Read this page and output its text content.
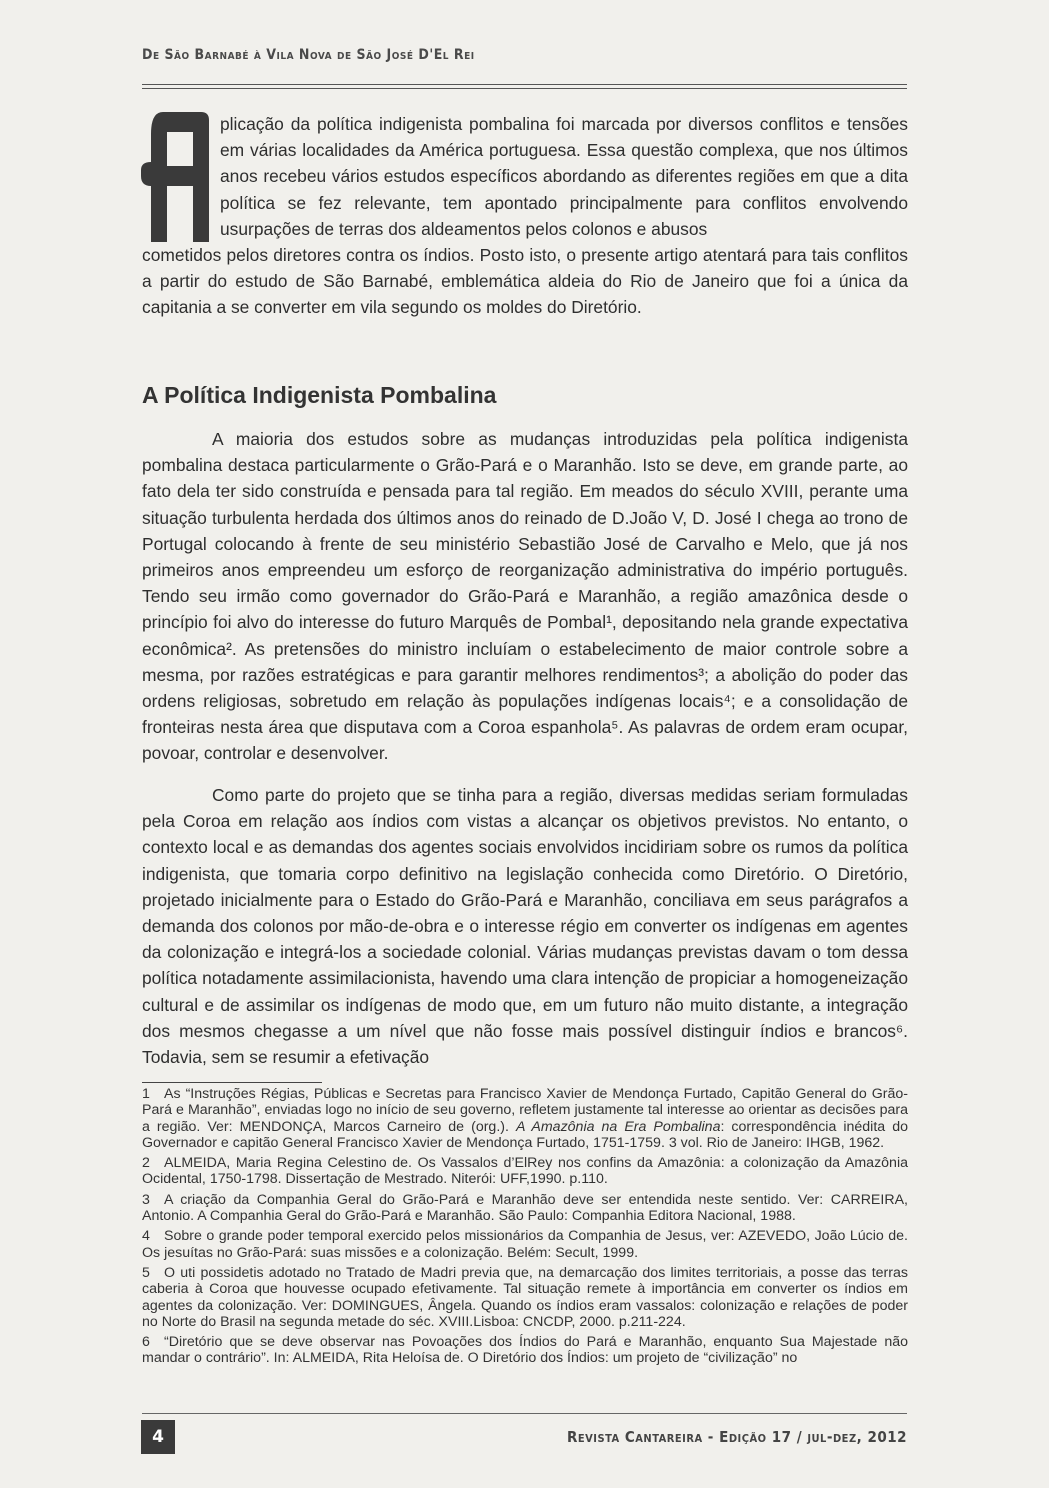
De São Barnabé à Vila Nova de São José D'El Rei
plicação da política indigenista pombalina foi marcada por diversos conflitos e tensões em várias localidades da América portuguesa. Essa questão complexa, que nos últimos anos recebeu vários estudos específicos abordando as diferentes regiões em que a dita política se fez relevante, tem apontado principalmente para conflitos envolvendo usurpações de terras dos aldeamentos pelos colonos e abusos
cometidos pelos diretores contra os índios. Posto isto, o presente artigo atentará para tais conflitos a partir do estudo de São Barnabé, emblemática aldeia do Rio de Janeiro que foi a única da capitania a se converter em vila segundo os moldes do Diretório.
A Política Indigenista Pombalina
A maioria dos estudos sobre as mudanças introduzidas pela política indigenista pombalina destaca particularmente o Grão-Pará e o Maranhão. Isto se deve, em grande parte, ao fato dela ter sido construída e pensada para tal região. Em meados do século XVIII, perante uma situação turbulenta herdada dos últimos anos do reinado de D.João V, D. José I chega ao trono de Portugal colocando à frente de seu ministério Sebastião José de Carvalho e Melo, que já nos primeiros anos empreendeu um esforço de reorganização administrativa do império português. Tendo seu irmão como governador do Grão-Pará e Maranhão, a região amazônica desde o princípio foi alvo do interesse do futuro Marquês de Pombal¹, depositando nela grande expectativa econômica². As pretensões do ministro incluíam o estabelecimento de maior controle sobre a mesma, por razões estratégicas e para garantir melhores rendimentos³; a abolição do poder das ordens religiosas, sobretudo em relação às populações indígenas locais⁴; e a consolidação de fronteiras nesta área que disputava com a Coroa espanhola⁵. As palavras de ordem eram ocupar, povoar, controlar e desenvolver.
Como parte do projeto que se tinha para a região, diversas medidas seriam formuladas pela Coroa em relação aos índios com vistas a alcançar os objetivos previstos. No entanto, o contexto local e as demandas dos agentes sociais envolvidos incidiriam sobre os rumos da política indigenista, que tomaria corpo definitivo na legislação conhecida como Diretório. O Diretório, projetado inicialmente para o Estado do Grão-Pará e Maranhão, conciliava em seus parágrafos a demanda dos colonos por mão-de-obra e o interesse régio em converter os indígenas em agentes da colonização e integrá-los a sociedade colonial. Várias mudanças previstas davam o tom dessa política notadamente assimilacionista, havendo uma clara intenção de propiciar a homogeneização cultural e de assimilar os indígenas de modo que, em um futuro não muito distante, a integração dos mesmos chegasse a um nível que não fosse mais possível distinguir índios e brancos⁶. Todavia, sem se resumir a efetivação

1 As “Instruções Régias, Públicas e Secretas para Francisco Xavier de Mendonça Furtado, Capitão General do Grão-Pará e Maranhão”, enviadas logo no início de seu governo, refletem justamente tal interesse ao orientar as decisões para a região. Ver: MENDONÇA, Marcos Carneiro de (org.). A Amazônia na Era Pombalina: correspondência inédita do Governador e capitão General Francisco Xavier de Mendonça Furtado, 1751-1759. 3 vol. Rio de Janeiro: IHGB, 1962.

2 ALMEIDA, Maria Regina Celestino de. Os Vassalos d’ElRey nos confins da Amazônia: a colonização da Amazônia Ocidental, 1750-1798. Dissertação de Mestrado. Niterói: UFF,1990. p.110.

3 A criação da Companhia Geral do Grão-Pará e Maranhão deve ser entendida neste sentido. Ver: CARREIRA, Antonio. A Companhia Geral do Grão-Pará e Maranhão. São Paulo: Companhia Editora Nacional, 1988.

4 Sobre o grande poder temporal exercido pelos missionários da Companhia de Jesus, ver: AZEVEDO, João Lúcio de. Os jesuítas no Grão-Pará: suas missões e a colonização. Belém: Secult, 1999.

5 O uti possidetis adotado no Tratado de Madri previa que, na demarcação dos limites territoriais, a posse das terras caberia à Coroa que houvesse ocupado efetivamente. Tal situação remete à importância em converter os índios em agentes da colonização. Ver: DOMINGUES, Ângela. Quando os índios eram vassalos: colonização e relações de poder no Norte do Brasil na segunda metade do séc. XVIII.Lisboa: CNCDP, 2000. p.211-224.

6 “Diretório que se deve observar nas Povoações dos Índios do Pará e Maranhão, enquanto Sua Majestade não mandar o contrário”. In: ALMEIDA, Rita Heloísa de. O Diretório dos Índios: um projeto de “civilização” no

4	Revista Cantareira - Edição 17 / jul-dez, 2012
